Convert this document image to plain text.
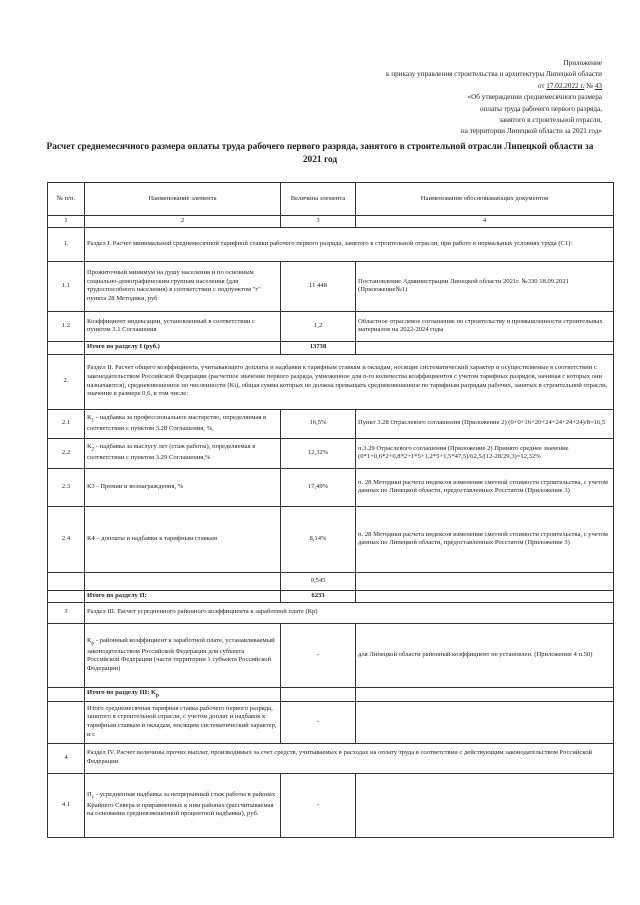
Приложение
к приказу управления строительства и архитектуры Липецкой области
от 17.02.2022 г. № 43
«Об утверждении среднемесячного размера
оплаты труда рабочего первого разряда,
занятого в строительной отрасли,
на территории Липецкой области за 2021 год»
Расчет среднемесячного размера оплаты труда рабочего первого разряда, занятого в строительной отрасли Липецкой области за 2021 год
№ п/п.	Наименование элемента	Величина элемента	Наименования обосновывающих документов
1	2	3	4
1.	Раздел I. Расчет минимальной среднемесячной тарифной ставки рабочего первого разряда, занятого в строительной отрасли, при работе в нормальных условиях труда (С1):		
1.1	Прожиточный минимум на душу населения и по основным социально-демографическим группам населения (для трудоспособного населения) в соответствии с подпунктом "г" пункта 28 Методики, руб	11 448	Постановление Администрации Липецкой области 2021г. №330 18.09.2021 (Приложение№1)
1.2	Коэффициент индексации, установленный в соответствии с пунктом 3.1 Соглашения	1,2	Областное отраслевое соглашение по строительству и промышленности строительных материалов на 2022-2024 годы
	Итого по разделу I (руб.)	13738	
2.	Раздел II. Расчет общего коэффициента, учитывающего доплаты и надбавки к тарифным ставкам и окладам, носящие систематический характер и осуществляемые в соответствии с законодательством Российской Федерации (расчетное значение первого разряда, умноженное для n-го количества коэффициентов с учетом тарифных разрядов, начиная с которых они назначаются), средневзвешенное по численности (Ki), общая сумма которых не должна превышать средневзвешенное по тарифным разрядам рабочих, занятых в строительной отрасли, значение в размере 0,6, в том числе:		
2.1	$К_1$ - надбавка за профессиональное мастерство, определяемая в соответствии с пунктом 3.28 Соглашения, %,	16,5%	Пункт 3.28 Отраслевого соглашения (Приложение 2) (0+0+16+20+24+24+24+24)/8=16,5
2.2	$К_2$ - надбавка за выслугу лет (стаж работы), определяемая в соответствии с пунктом 3.29 Соглашения,%	12,32%	п.3.29 Отраслевого соглашения (Приложение 2) Принято среднее значение (0*1+0,6*2+0,8*2+1*5+1,2*5+1,5*47,5)/62,5/(12-28/29,3)=12,32%
2.3	К3 - Премии и вознаграждения, %	17,49%	п. 28 Методики расчета индексов изменения сметной стоимости строительства, с учетом данных по Липецкой области, предоставленных Росстатом (Приложение 3)
2.4	К4 – доплаты и надбавки к тарифным ставкам	8,14%	п. 28 Методики расчета индексов изменения сметной стоимости строительства, с учетом данных по Липецкой области, предоставленных Росстатом (Приложение 3)
		0,545	
	Итого по разделу II:	6233	
3	Раздел III. Расчет усредненного районного коэффициента к заработной плате (Кр)		
	$К_р$ - районный коэффициент к заработной плате, устанавливаемый законодательством Российской Федерации для субъекта Российской Федерации (части территории 1 субъекта Российской Федерации)	-	для Липецкой области районный коэффициент не установлен. (Приложение 4 п.50)
	Итого по разделу III: $К_р$		
	Итого среднемесячная тарифная ставка рабочего первого разряда, занятого в строительной отрасли, с учетом доплат и надбавок к тарифным ставкам и окладам, носящим систематический характер, и с	-	
4	Раздел IV. Расчет величины прочих выплат, производимых за счет средств, учитываемых в расходах на оплату труда в соответствии с действующим законодательством Российской Федерации		
4.1	$П_с$ - усредненная надбавка за непрерывный стаж работы в районах Крайнего Севера и приравненных к ним районах (рассчитываемая на основании средневзвешенной процентной надбавки), руб.	-	
